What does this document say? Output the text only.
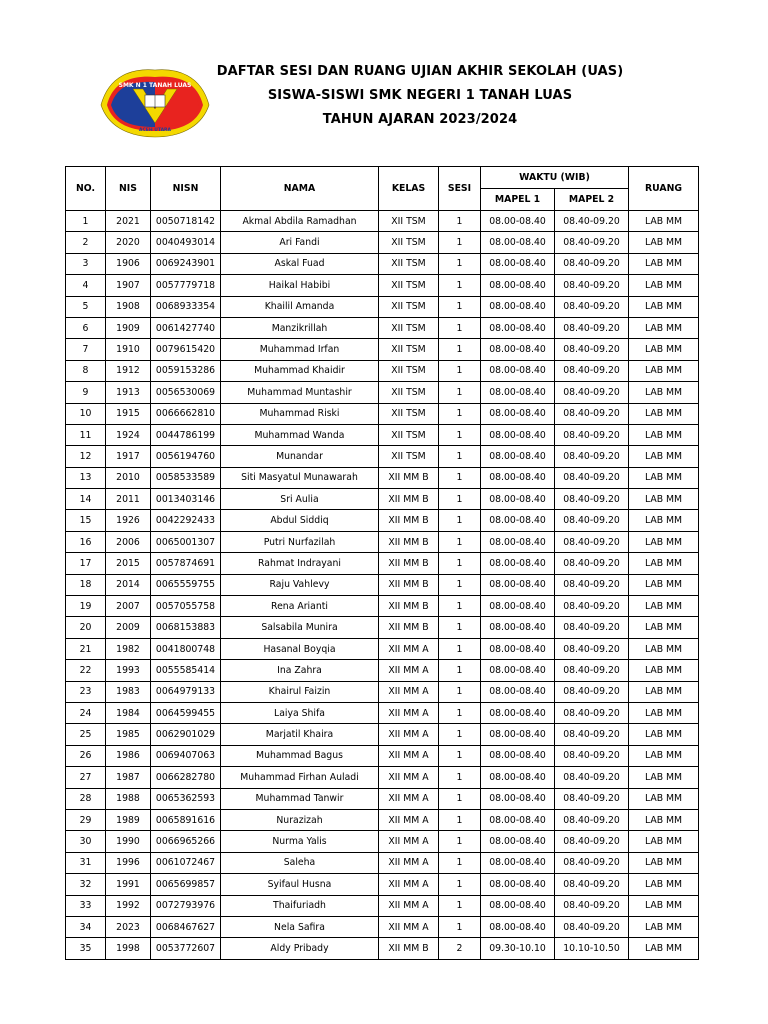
SMK N 1 TANAH LUAS
ACEH UTARA
DAFTAR SESI DAN RUANG UJIAN AKHIR SEKOLAH (UAS)
SISWA-SISWI SMK NEGERI 1 TANAH LUAS
TAHUN AJARAN 2023/2024
NO.	NIS	NISN	NAMA	KELAS	SESI	WAKTU (WIB)		RUANG
						MAPEL 1	MAPEL 2	
1	2021	0050718142	Akmal Abdila Ramadhan	XII TSM	1	08.00-08.40	08.40-09.20	LAB MM
2	2020	0040493014	Ari Fandi	XII TSM	1	08.00-08.40	08.40-09.20	LAB MM
3	1906	0069243901	Askal Fuad	XII TSM	1	08.00-08.40	08.40-09.20	LAB MM
4	1907	0057779718	Haikal Habibi	XII TSM	1	08.00-08.40	08.40-09.20	LAB MM
5	1908	0068933354	Khailil Amanda	XII TSM	1	08.00-08.40	08.40-09.20	LAB MM
6	1909	0061427740	Manzikrillah	XII TSM	1	08.00-08.40	08.40-09.20	LAB MM
7	1910	0079615420	Muhammad Irfan	XII TSM	1	08.00-08.40	08.40-09.20	LAB MM
8	1912	0059153286	Muhammad Khaidir	XII TSM	1	08.00-08.40	08.40-09.20	LAB MM
9	1913	0056530069	Muhammad Muntashir	XII TSM	1	08.00-08.40	08.40-09.20	LAB MM
10	1915	0066662810	Muhammad Riski	XII TSM	1	08.00-08.40	08.40-09.20	LAB MM
11	1924	0044786199	Muhammad Wanda	XII TSM	1	08.00-08.40	08.40-09.20	LAB MM
12	1917	0056194760	Munandar	XII TSM	1	08.00-08.40	08.40-09.20	LAB MM
13	2010	0058533589	Siti Masyatul Munawarah	XII MM B	1	08.00-08.40	08.40-09.20	LAB MM
14	2011	0013403146	Sri Aulia	XII MM B	1	08.00-08.40	08.40-09.20	LAB MM
15	1926	0042292433	Abdul Siddiq	XII MM B	1	08.00-08.40	08.40-09.20	LAB MM
16	2006	0065001307	Putri Nurfazilah	XII MM B	1	08.00-08.40	08.40-09.20	LAB MM
17	2015	0057874691	Rahmat Indrayani	XII MM B	1	08.00-08.40	08.40-09.20	LAB MM
18	2014	0065559755	Raju Vahlevy	XII MM B	1	08.00-08.40	08.40-09.20	LAB MM
19	2007	0057055758	Rena Arianti	XII MM B	1	08.00-08.40	08.40-09.20	LAB MM
20	2009	0068153883	Salsabila Munira	XII MM B	1	08.00-08.40	08.40-09.20	LAB MM
21	1982	0041800748	Hasanal Boyqia	XII MM A	1	08.00-08.40	08.40-09.20	LAB MM
22	1993	0055585414	Ina Zahra	XII MM A	1	08.00-08.40	08.40-09.20	LAB MM
23	1983	0064979133	Khairul Faizin	XII MM A	1	08.00-08.40	08.40-09.20	LAB MM
24	1984	0064599455	Laiya Shifa	XII MM A	1	08.00-08.40	08.40-09.20	LAB MM
25	1985	0062901029	Marjatil Khaira	XII MM A	1	08.00-08.40	08.40-09.20	LAB MM
26	1986	0069407063	Muhammad Bagus	XII MM A	1	08.00-08.40	08.40-09.20	LAB MM
27	1987	0066282780	Muhammad Firhan Auladi	XII MM A	1	08.00-08.40	08.40-09.20	LAB MM
28	1988	0065362593	Muhammad Tanwir	XII MM A	1	08.00-08.40	08.40-09.20	LAB MM
29	1989	0065891616	Nurazizah	XII MM A	1	08.00-08.40	08.40-09.20	LAB MM
30	1990	0066965266	Nurma Yalis	XII MM A	1	08.00-08.40	08.40-09.20	LAB MM
31	1996	0061072467	Saleha	XII MM A	1	08.00-08.40	08.40-09.20	LAB MM
32	1991	0065699857	Syifaul Husna	XII MM A	1	08.00-08.40	08.40-09.20	LAB MM
33	1992	0072793976	Thaifuriadh	XII MM A	1	08.00-08.40	08.40-09.20	LAB MM
34	2023	0068467627	Nela Safira	XII MM A	1	08.00-08.40	08.40-09.20	LAB MM
35	1998	0053772607	Aldy Pribady	XII MM B	2	09.30-10.10	10.10-10.50	LAB MM
